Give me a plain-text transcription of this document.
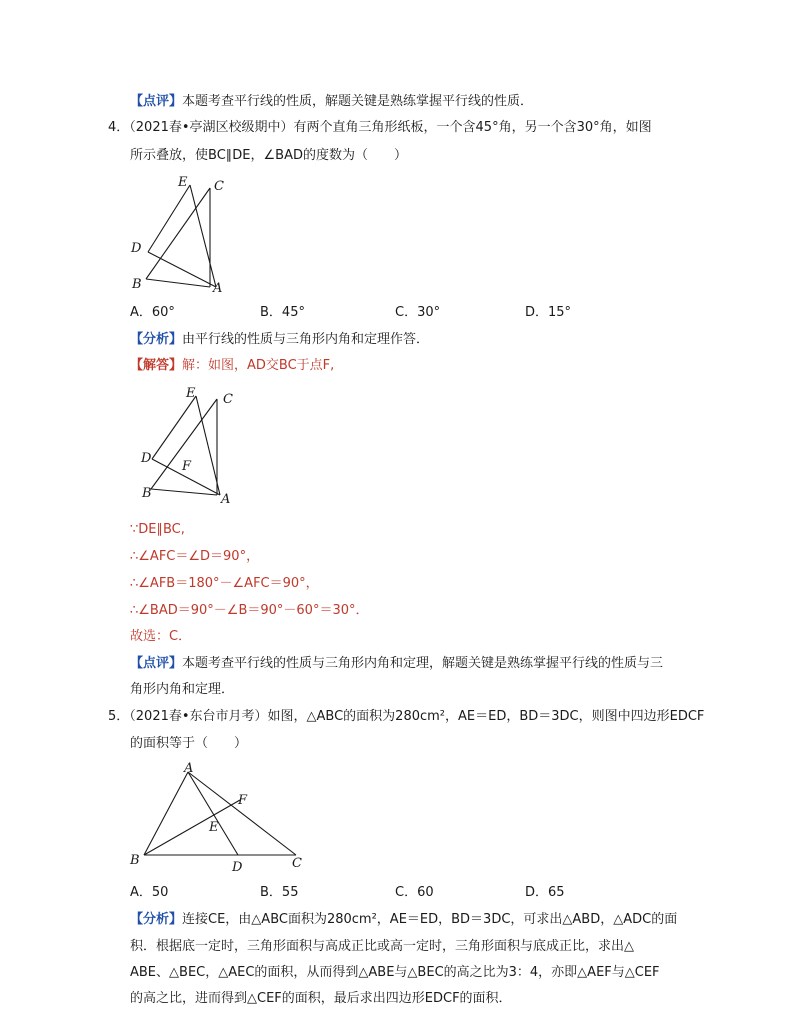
【点评】本题考查平行线的性质，解题关键是熟练掌握平行线的性质．
4．（2021春•亭湖区校级期中）有两个直角三角形纸板，一个含45°角，另一个含30°角，如图
所示叠放，使BC∥DE，∠BAD的度数为（　　）
E C
D
B	A
A．60°	B．45°	C．30°	D．15°
【分析】由平行线的性质与三角形内角和定理作答．
【解答】解：如图，AD交BC于点F,
E C
D
F
B	A
∵DE∥BC,
∴∠AFC＝∠D＝90°，
∴∠AFB＝180°－∠AFC＝90°，
∴∠BAD＝90°－∠B＝90°－60°＝30°．
故选：C．
【点评】本题考查平行线的性质与三角形内角和定理，解题关键是熟练掌握平行线的性质与三
角形内角和定理．
5．（2021春•东台市月考）如图，△ABC的面积为280cm²，AE＝ED，BD＝3DC，则图中四边形EDCF
的面积等于（　　）
A
F
E
B	D	C
A．50	B．55	C．60	D．65
【分析】连接CE，由△ABC面积为280cm²，AE＝ED，BD＝3DC，可求出△ABD，△ADC的面
积．根据底一定时，三角形面积与高成正比或高一定时，三角形面积与底成正比，求出△
ABE、△BEC，△AEC的面积，从而得到△ABE与△BEC的高之比为3：4，亦即△AEF与△CEF
的高之比，进而得到△CEF的面积，最后求出四边形EDCF的面积．
